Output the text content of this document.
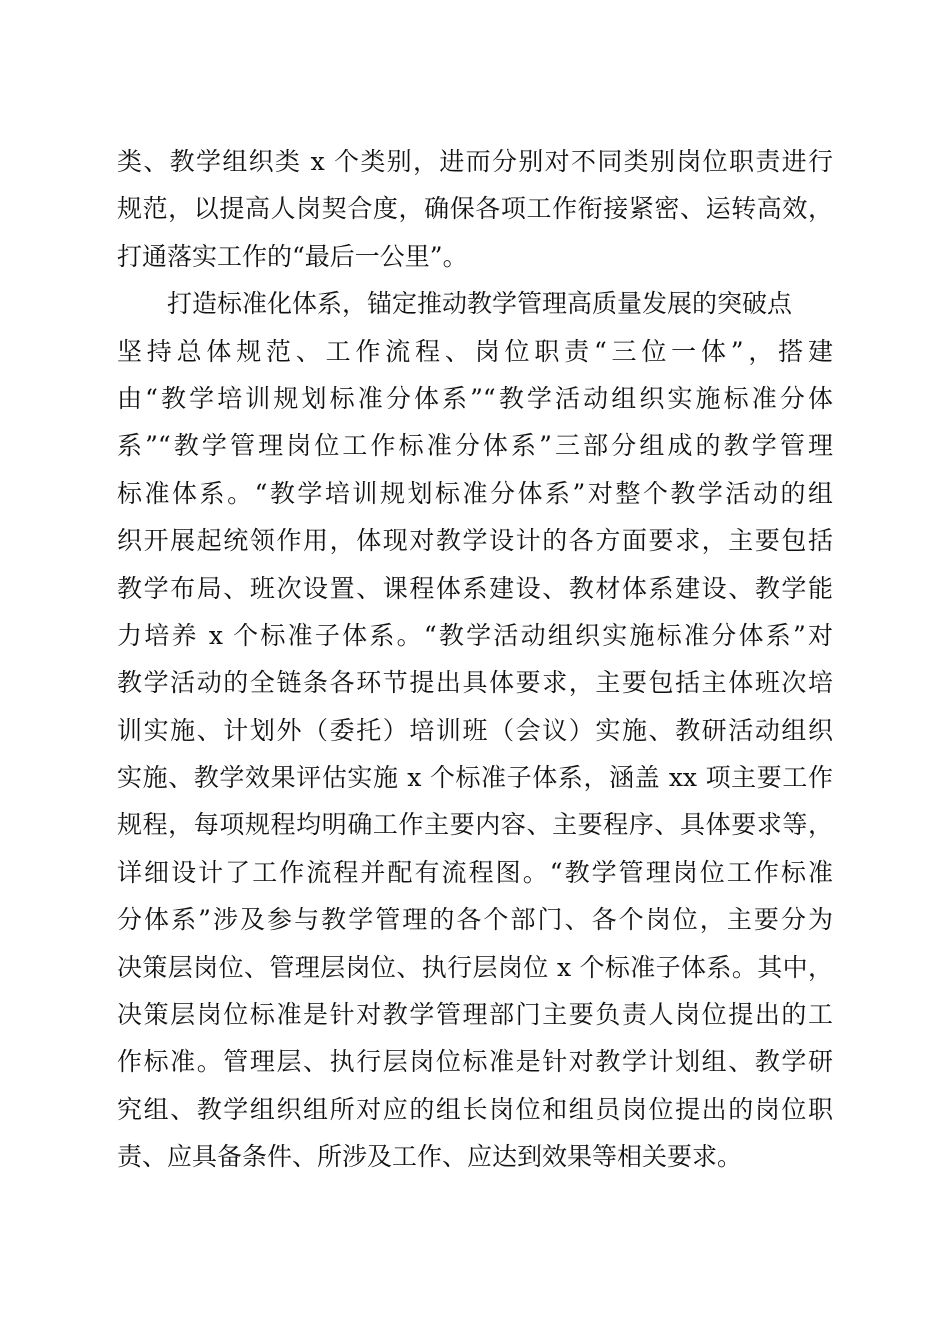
类、教学组织类 x 个类别，进而分别对不同类别岗位职责进行
规范，以提高人岗契合度，确保各项工作衔接紧密、运转高效，
打通落实工作的“最后一公里”。
打造标准化体系，锚定推动教学管理高质量发展的突破点
坚持总体规范、工作流程、岗位职责“三位一体”，搭建
由“教学培训规划标准分体系”“教学活动组织实施标准分体
系”“教学管理岗位工作标准分体系”三部分组成的教学管理
标准体系。“教学培训规划标准分体系”对整个教学活动的组
织开展起统领作用，体现对教学设计的各方面要求，主要包括
教学布局、班次设置、课程体系建设、教材体系建设、教学能
力培养 x 个标准子体系。“教学活动组织实施标准分体系”对
教学活动的全链条各环节提出具体要求，主要包括主体班次培
训实施、计划外（委托）培训班（会议）实施、教研活动组织
实施、教学效果评估实施 x 个标准子体系，涵盖 xx 项主要工作
规程，每项规程均明确工作主要内容、主要程序、具体要求等，
详细设计了工作流程并配有流程图。“教学管理岗位工作标准
分体系”涉及参与教学管理的各个部门、各个岗位，主要分为
决策层岗位、管理层岗位、执行层岗位 x 个标准子体系。其中，
决策层岗位标准是针对教学管理部门主要负责人岗位提出的工
作标准。管理层、执行层岗位标准是针对教学计划组、教学研
究组、教学组织组所对应的组长岗位和组员岗位提出的岗位职
责、应具备条件、所涉及工作、应达到效果等相关要求。
